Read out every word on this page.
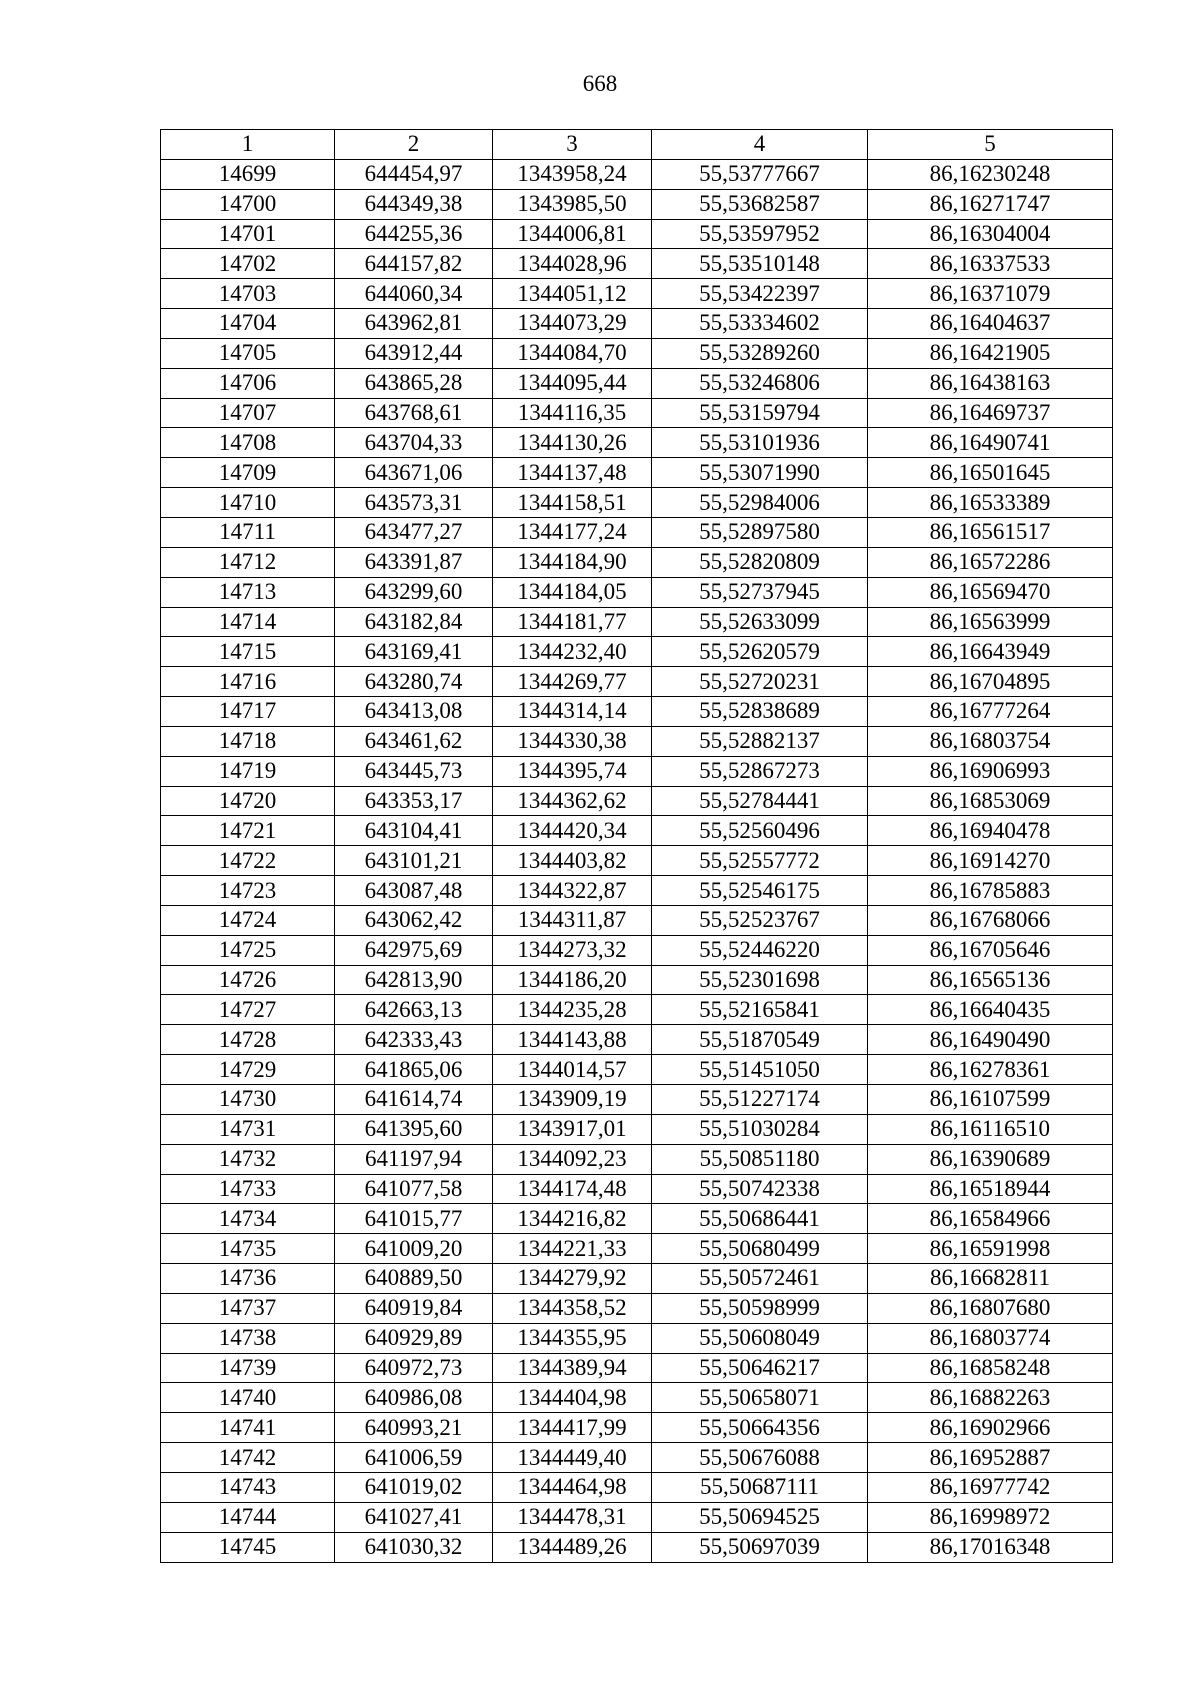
668
1	2	3	4	5
14699	644454,97	1343958,24	55,53777667	86,16230248
14700	644349,38	1343985,50	55,53682587	86,16271747
14701	644255,36	1344006,81	55,53597952	86,16304004
14702	644157,82	1344028,96	55,53510148	86,16337533
14703	644060,34	1344051,12	55,53422397	86,16371079
14704	643962,81	1344073,29	55,53334602	86,16404637
14705	643912,44	1344084,70	55,53289260	86,16421905
14706	643865,28	1344095,44	55,53246806	86,16438163
14707	643768,61	1344116,35	55,53159794	86,16469737
14708	643704,33	1344130,26	55,53101936	86,16490741
14709	643671,06	1344137,48	55,53071990	86,16501645
14710	643573,31	1344158,51	55,52984006	86,16533389
14711	643477,27	1344177,24	55,52897580	86,16561517
14712	643391,87	1344184,90	55,52820809	86,16572286
14713	643299,60	1344184,05	55,52737945	86,16569470
14714	643182,84	1344181,77	55,52633099	86,16563999
14715	643169,41	1344232,40	55,52620579	86,16643949
14716	643280,74	1344269,77	55,52720231	86,16704895
14717	643413,08	1344314,14	55,52838689	86,16777264
14718	643461,62	1344330,38	55,52882137	86,16803754
14719	643445,73	1344395,74	55,52867273	86,16906993
14720	643353,17	1344362,62	55,52784441	86,16853069
14721	643104,41	1344420,34	55,52560496	86,16940478
14722	643101,21	1344403,82	55,52557772	86,16914270
14723	643087,48	1344322,87	55,52546175	86,16785883
14724	643062,42	1344311,87	55,52523767	86,16768066
14725	642975,69	1344273,32	55,52446220	86,16705646
14726	642813,90	1344186,20	55,52301698	86,16565136
14727	642663,13	1344235,28	55,52165841	86,16640435
14728	642333,43	1344143,88	55,51870549	86,16490490
14729	641865,06	1344014,57	55,51451050	86,16278361
14730	641614,74	1343909,19	55,51227174	86,16107599
14731	641395,60	1343917,01	55,51030284	86,16116510
14732	641197,94	1344092,23	55,50851180	86,16390689
14733	641077,58	1344174,48	55,50742338	86,16518944
14734	641015,77	1344216,82	55,50686441	86,16584966
14735	641009,20	1344221,33	55,50680499	86,16591998
14736	640889,50	1344279,92	55,50572461	86,16682811
14737	640919,84	1344358,52	55,50598999	86,16807680
14738	640929,89	1344355,95	55,50608049	86,16803774
14739	640972,73	1344389,94	55,50646217	86,16858248
14740	640986,08	1344404,98	55,50658071	86,16882263
14741	640993,21	1344417,99	55,50664356	86,16902966
14742	641006,59	1344449,40	55,50676088	86,16952887
14743	641019,02	1344464,98	55,50687111	86,16977742
14744	641027,41	1344478,31	55,50694525	86,16998972
14745	641030,32	1344489,26	55,50697039	86,17016348
